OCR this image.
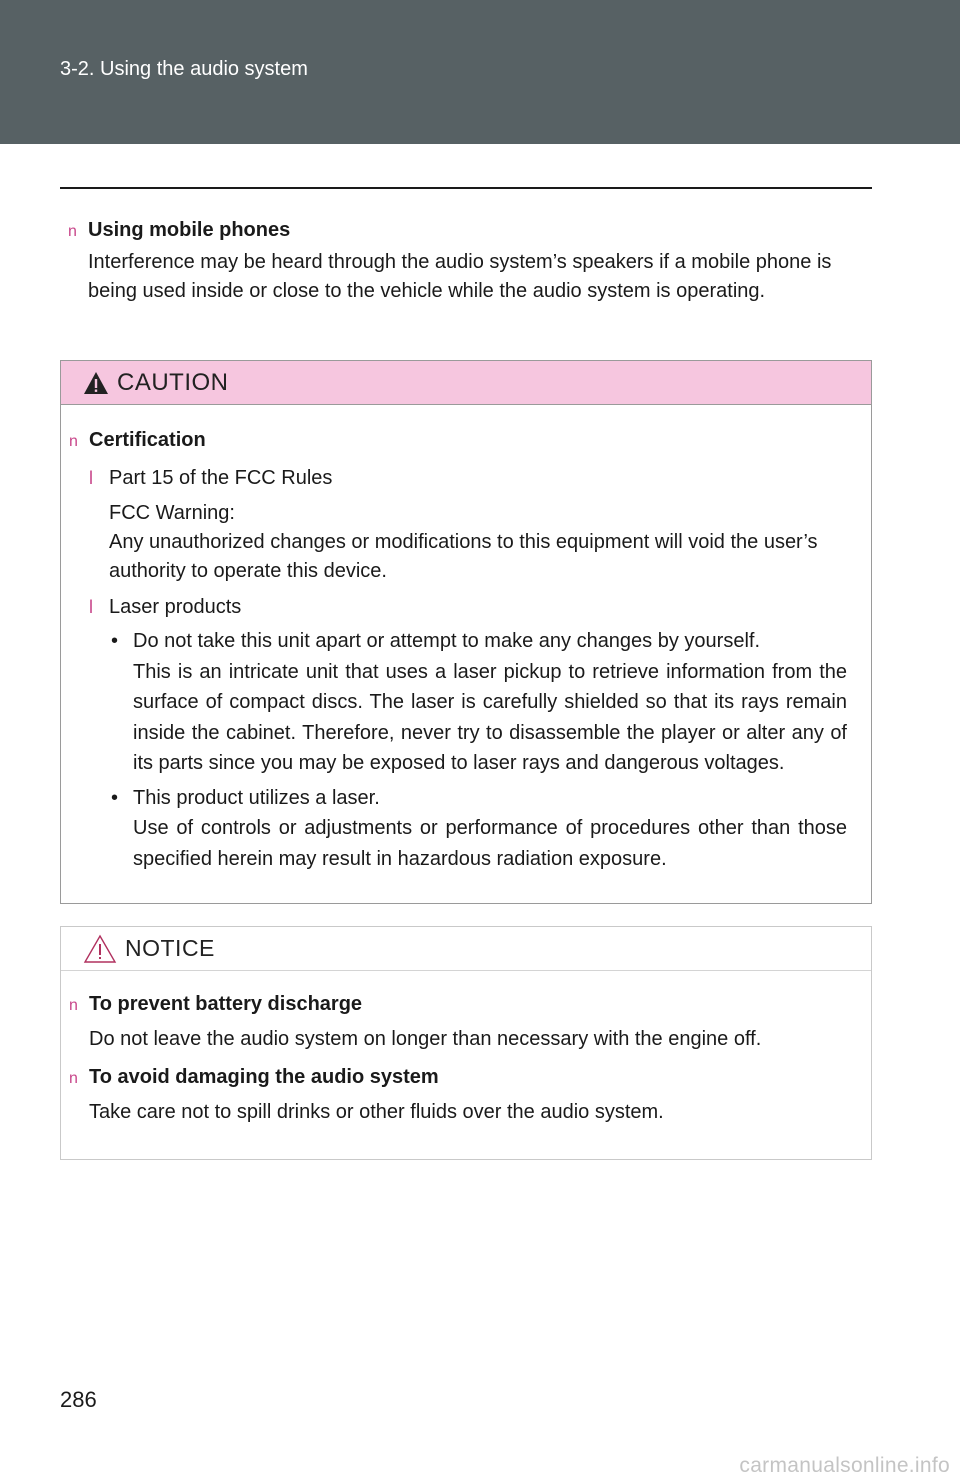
3-2. Using the audio system
n Using mobile phones
Interference may be heard through the audio system’s speakers if a mobile phone is being used inside or close to the vehicle while the audio system is operating.
CAUTION
n Certification
l Part 15 of the FCC Rules
FCC Warning:
Any unauthorized changes or modifications to this equipment will void the user’s authority to operate this device.
l Laser products
• Do not take this unit apart or attempt to make any changes by yourself.
This is an intricate unit that uses a laser pickup to retrieve information from the surface of compact discs. The laser is carefully shielded so that its rays remain inside the cabinet. Therefore, never try to disassemble the player or alter any of its parts since you may be exposed to laser rays and dangerous voltages.
• This product utilizes a laser.
Use of controls or adjustments or performance of procedures other than those specified herein may result in hazardous radiation exposure.
NOTICE
n To prevent battery discharge
Do not leave the audio system on longer than necessary with the engine off.
n To avoid damaging the audio system
Take care not to spill drinks or other fluids over the audio system.
286
carmanualsonline.info
